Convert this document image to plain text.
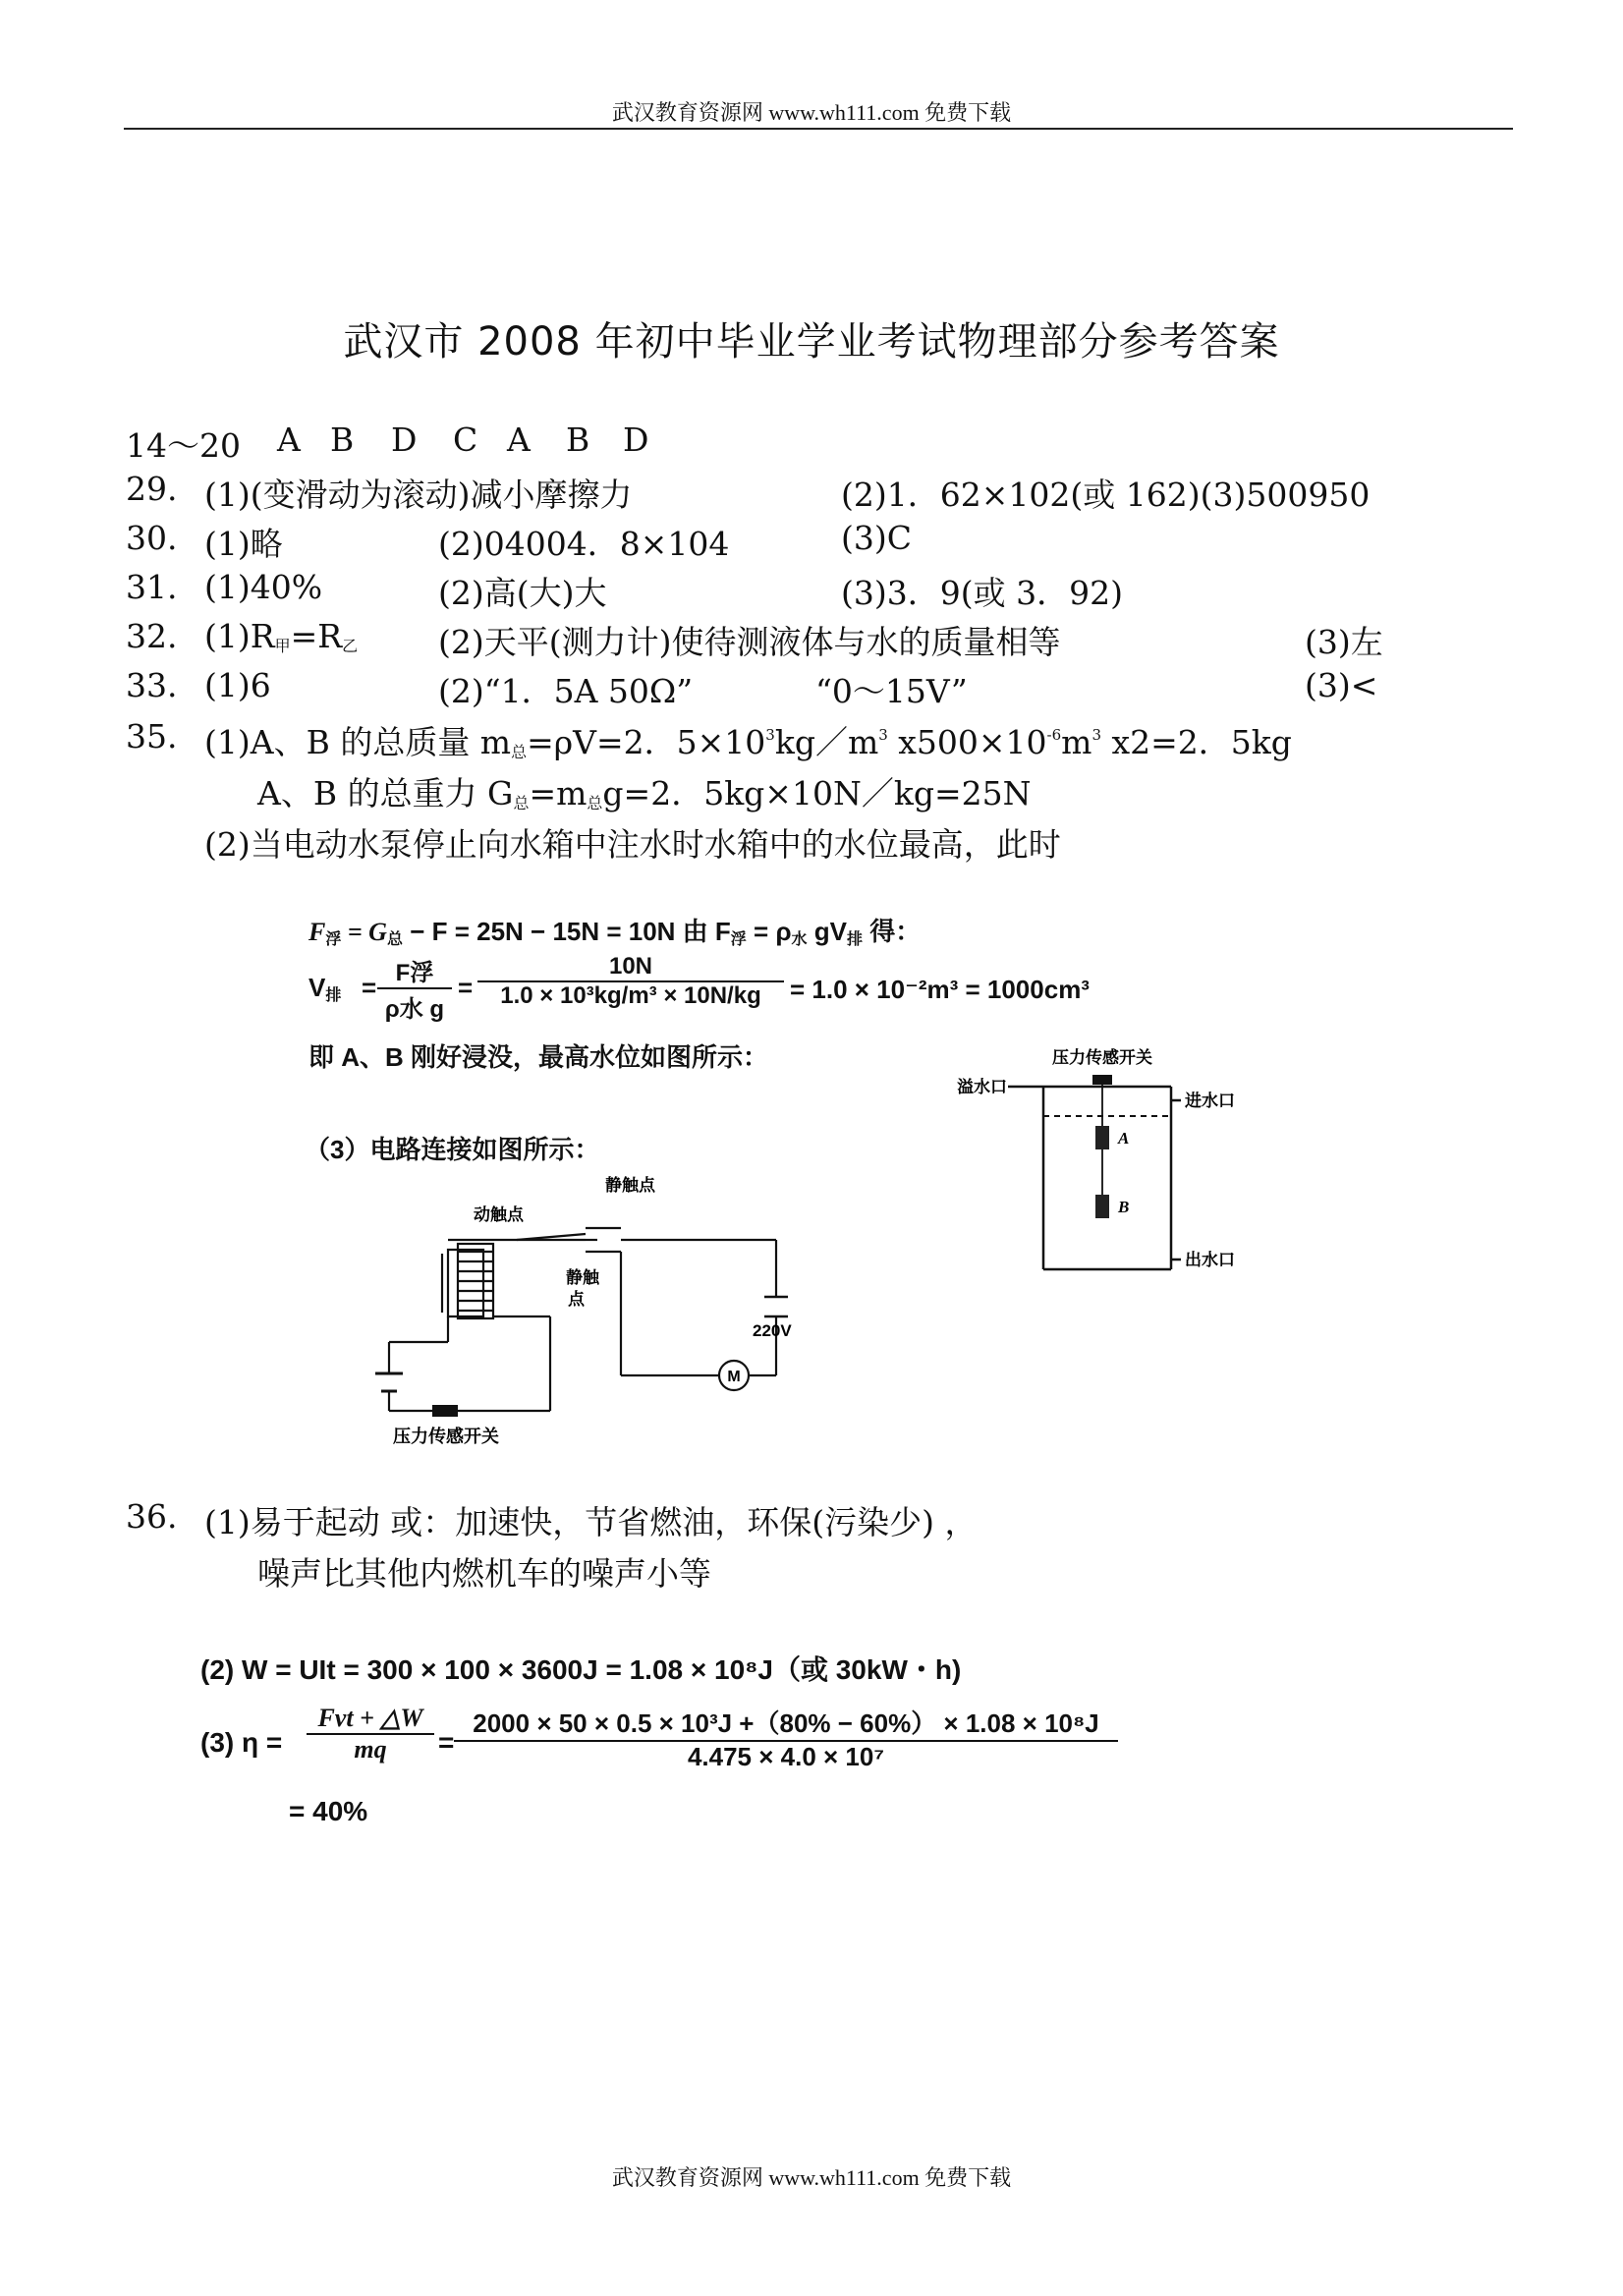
武汉教育资源网 www.wh111.com 免费下载
武汉市 2008 年初中毕业学业考试物理部分参考答案
14～20 A B D C A B D
29. (1)(变滑动为滚动)减小摩擦力	(2)1．62×102(或 162)(3)500950
30. (1)略	(2)04004．8×104	(3)C
31. (1)40%	(2)高(大)大	(3)3．9(或 3．92)
32. $(1)R_甲=R_乙$ (2)天平(测力计)使待测液体与水的质量相等	(3)左
33. (1)6	(2)“1．5A 50Ω”	“0～15V”	(3)<
35. (1)A、B 的总质量 $m_总=\rho V=2$．$5\times 10^3kg/m^3$ $x500\times 10^{-6}m^3$ x2=2．5kg
A、B 的总重力 $G_总=m_总g=2$．5kg×10N／kg=25N
(2)当电动水泵停止向水箱中注水时水箱中的水位最高，此时
$F_浮 = G_总 - F = 25N - 15N = 10N$ 由 $F_浮 = \rho_水$ $gV_排$ 得：
$V_排 = F$浮
ρ水 g
= $\frac{10N}{\text{1.0 × 10³kg/m³ × 10N/kg}} = 1.0 \times 10^{-2}m^3 = 1000cm^3$
即 A、B 刚好浸没，最高水位如图所示：
（3）电路连接如图所示：
压力传感开关
溢水口
进水口
A
B
出水口
静触点
动触点
静触
点
220V
M
压力传感开关
36. (1)易于起动 或：加速快，节省燃油，环保(污染少) ，
噪声比其他内燃机车的噪声小等
(2) W = UIt = 300 × 100 × 3600J = 1.08 × 10⁸J（或 30kW・h)
(3) η =
Fvt + △W
mq	= $\frac{\text{2000 × 50 × 0.5 × 10³J +（80\% − 60\%） × 1.08 × 10⁸J}}{\text{4.475 × 4.0 × 10⁷}}$
= 40%
武汉教育资源网 www.wh111.com 免费下载
